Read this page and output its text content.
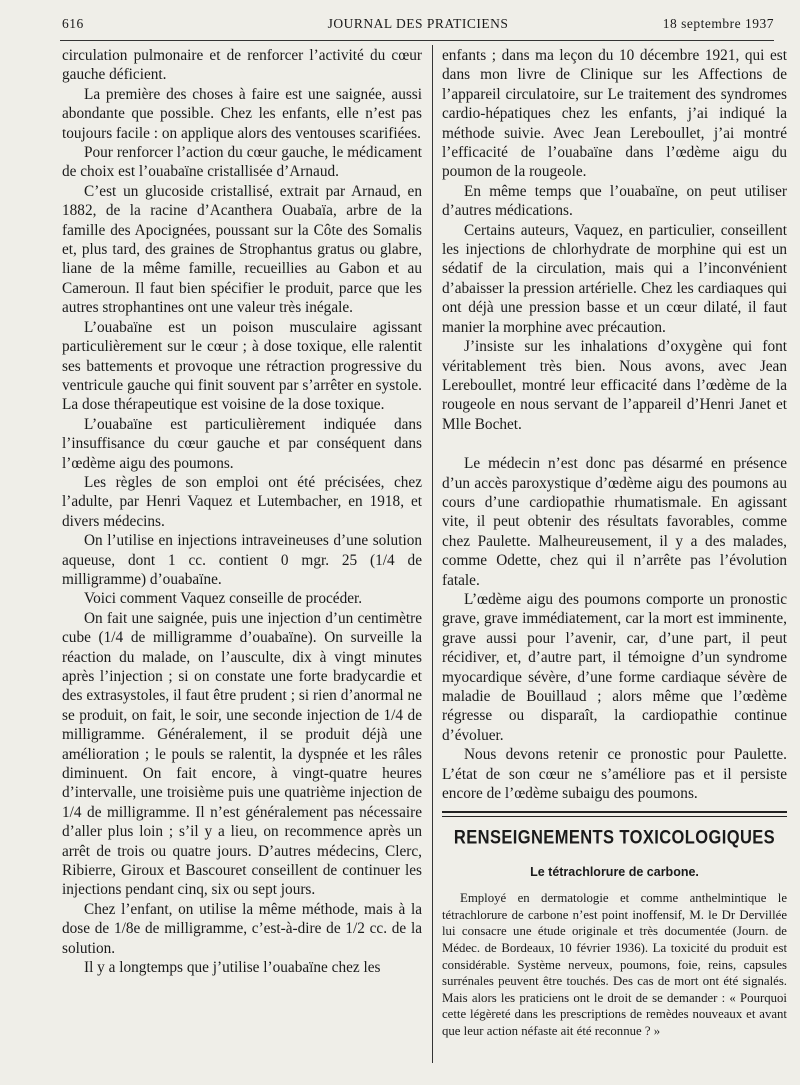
616	JOURNAL DES PRATICIENS	18 septembre 1937

circulation pulmonaire et de renforcer l’activité du cœur gauche déficient.

La première des choses à faire est une saignée, aussi abondante que possible. Chez les enfants, elle n’est pas toujours facile : on applique alors des ventouses scarifiées.

Pour renforcer l’action du cœur gauche, le médicament de choix est l’ouabaïne cristallisée d’Arnaud.

C’est un glucoside cristallisé, extrait par Arnaud, en 1882, de la racine d’Acanthera Ouabaïa, arbre de la famille des Apocignées, poussant sur la Côte des Somalis et, plus tard, des graines de Strophantus gratus ou glabre, liane de la même famille, recueillies au Gabon et au Cameroun. Il faut bien spécifier le produit, parce que les autres strophantines ont une valeur très inégale.

L’ouabaïne est un poison musculaire agissant particulièrement sur le cœur ; à dose toxique, elle ralentit ses battements et provoque une rétraction progressive du ventricule gauche qui finit souvent par s’arrêter en systole. La dose thérapeutique est voisine de la dose toxique.

L’ouabaïne est particulièrement indiquée dans l’insuffisance du cœur gauche et par conséquent dans l’œdème aigu des poumons.

Les règles de son emploi ont été précisées, chez l’adulte, par Henri Vaquez et Lutembacher, en 1918, et divers médecins.

On l’utilise en injections intraveineuses d’une solution aqueuse, dont 1 cc. contient 0 mgr. 25 (1/4 de milligramme) d’ouabaïne.

Voici comment Vaquez conseille de procéder.

On fait une saignée, puis une injection d’un centimètre cube (1/4 de milligramme d’ouabaïne). On surveille la réaction du malade, on l’ausculte, dix à vingt minutes après l’injection ; si on constate une forte bradycardie et des extrasystoles, il faut être prudent ; si rien d’anormal ne se produit, on fait, le soir, une seconde injection de 1/4 de milligramme. Généralement, il se produit déjà une amélioration ; le pouls se ralentit, la dyspnée et les râles diminuent. On fait encore, à vingt-quatre heures d’intervalle, une troisième puis une quatrième injection de 1/4 de milligramme. Il n’est généralement pas nécessaire d’aller plus loin ; s’il y a lieu, on recommence après un arrêt de trois ou quatre jours. D’autres médecins, Clerc, Ribierre, Giroux et Bascouret conseillent de continuer les injections pendant cinq, six ou sept jours.

Chez l’enfant, on utilise la même méthode, mais à la dose de 1/8e de milligramme, c’est-à-dire de 1/2 cc. de la solution.

Il y a longtemps que j’utilise l’ouabaïne chez les

enfants ; dans ma leçon du 10 décembre 1921, qui est dans mon livre de Clinique sur les Affections de l’appareil circulatoire, sur Le traitement des syndromes cardio-hépatiques chez les enfants, j’ai indiqué la méthode suivie. Avec Jean Lereboullet, j’ai montré l’efficacité de l’ouabaïne dans l’œdème aigu du poumon de la rougeole.

En même temps que l’ouabaïne, on peut utiliser d’autres médications.

Certains auteurs, Vaquez, en particulier, conseillent les injections de chlorhydrate de morphine qui est un sédatif de la circulation, mais qui a l’inconvénient d’abaisser la pression artérielle. Chez les cardiaques qui ont déjà une pression basse et un cœur dilaté, il faut manier la morphine avec précaution.

J’insiste sur les inhalations d’oxygène qui font véritablement très bien. Nous avons, avec Jean Lereboullet, montré leur efficacité dans l’œdème de la rougeole en nous servant de l’appareil d’Henri Janet et Mlle Bochet.

Le médecin n’est donc pas désarmé en présence d’un accès paroxystique d’œdème aigu des poumons au cours d’une cardiopathie rhumatismale. En agissant vite, il peut obtenir des résultats favorables, comme chez Paulette. Malheureusement, il y a des malades, comme Odette, chez qui il n’arrête pas l’évolution fatale.

L’œdème aigu des poumons comporte un pronostic grave, grave immédiatement, car la mort est imminente, grave aussi pour l’avenir, car, d’une part, il peut récidiver, et, d’autre part, il témoigne d’un syndrome myocardique sévère, d’une forme cardiaque sévère de maladie de Bouillaud ; alors même que l’œdème régresse ou disparaît, la cardiopathie continue d’évoluer.

Nous devons retenir ce pronostic pour Paulette. L’état de son cœur ne s’améliore pas et il persiste encore de l’œdème subaigu des poumons.

RENSEIGNEMENTS TOXICOLOGIQUES
Le tétrachlorure de carbone.

Employé en dermatologie et comme anthelmintique le tétrachlorure de carbone n’est point inoffensif, M. le Dr Dervillée lui consacre une étude originale et très documentée (Journ. de Médec. de Bordeaux, 10 février 1936). La toxicité du produit est considérable. Système nerveux, poumons, foie, reins, capsules surrénales peuvent être touchés. Des cas de mort ont été signalés. Mais alors les praticiens ont le droit de se demander : « Pourquoi cette légèreté dans les prescriptions de remèdes nouveaux et avant que leur action néfaste ait été reconnue ? »
